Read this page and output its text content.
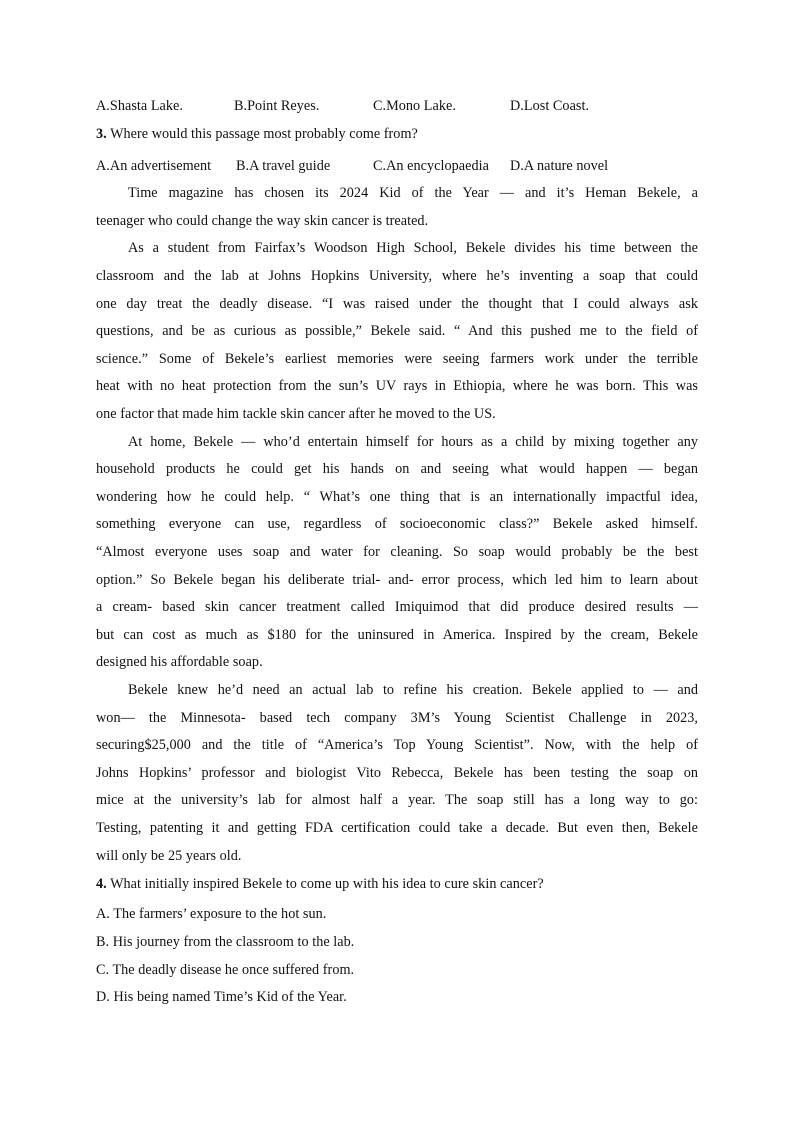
A.Shasta Lake.	B.Point Reyes.	C.Mono Lake.	D.Lost Coast.
3. Where would this passage most probably come from?
A.An advertisement B.A travel guide	C.An encyclopaedia D.A nature novel
Time magazine has chosen its 2024 Kid of the Year — and it’s Heman Bekele, a
teenager who could change the way skin cancer is treated.
As a student from Fairfax’s Woodson High School, Bekele divides his time between the
classroom and the lab at Johns Hopkins University, where he’s inventing a soap that could
one day treat the deadly disease. “I was raised under the thought that I could always ask
questions, and be as curious as possible,” Bekele said. “ And this pushed me to the field of
science.” Some of Bekele’s earliest memories were seeing farmers work under the terrible
heat with no heat protection from the sun’s UV rays in Ethiopia, where he was born. This was
one factor that made him tackle skin cancer after he moved to the US.
At home, Bekele — who’d entertain himself for hours as a child by mixing together any
household products he could get his hands on and seeing what would happen — began
wondering how he could help. “ What’s one thing that is an internationally impactful idea,
something everyone can use, regardless of socioeconomic class?” Bekele asked himself.
“Almost everyone uses soap and water for cleaning. So soap would probably be the best
option.” So Bekele began his deliberate trial- and- error process, which led him to learn about
a cream- based skin cancer treatment called Imiquimod that did produce desired results —
but can cost as much as $180 for the uninsured in America. Inspired by the cream, Bekele
designed his affordable soap.
Bekele knew he’d need an actual lab to refine his creation. Bekele applied to — and
won— the Minnesota- based tech company 3M’s Young Scientist Challenge in 2023,
securing$25,000 and the title of “America’s Top Young Scientist”. Now, with the help of
Johns Hopkins’ professor and biologist Vito Rebecca, Bekele has been testing the soap on
mice at the university’s lab for almost half a year. The soap still has a long way to go:
Testing, patenting it and getting FDA certification could take a decade. But even then, Bekele
will only be 25 years old.
4. What initially inspired Bekele to come up with his idea to cure skin cancer?
A. The farmers’ exposure to the hot sun.
B. His journey from the classroom to the lab.
C. The deadly disease he once suffered from.
D. His being named Time’s Kid of the Year.
